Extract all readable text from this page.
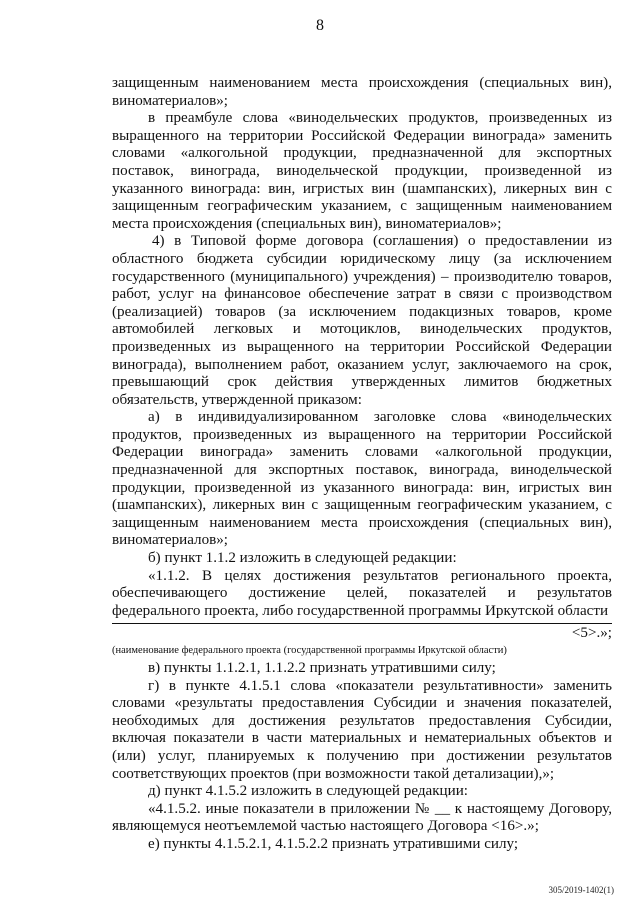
8

защищенным наименованием места происхождения (специальных вин), виноматериалов»;

в преамбуле слова «винодельческих продуктов, произведенных из выращенного на территории Российской Федерации винограда» заменить словами «алкогольной продукции, предназначенной для экспортных поставок, винограда, винодельческой продукции, произведенной из указанного винограда: вин, игристых вин (шампанских), ликерных вин с защищенным географическим указанием, с защищенным наименованием места происхождения (специальных вин), виноматериалов»;

4) в Типовой форме договора (соглашения) о предоставлении из областного бюджета субсидии юридическому лицу (за исключением государственного (муниципального) учреждения) – производителю товаров, работ, услуг на финансовое обеспечение затрат в связи с производством (реализацией) товаров (за исключением подакцизных товаров, кроме автомобилей легковых и мотоциклов, винодельческих продуктов, произведенных из выращенного на территории Российской Федерации винограда), выполнением работ, оказанием услуг, заключаемого на срок, превышающий срок действия утвержденных лимитов бюджетных обязательств, утвержденной приказом:

а) в индивидуализированном заголовке слова «винодельческих продуктов, произведенных из выращенного на территории Российской Федерации винограда» заменить словами «алкогольной продукции, предназначенной для экспортных поставок, винограда, винодельческой продукции, произведенной из указанного винограда: вин, игристых вин (шампанских), ликерных вин с защищенным географическим указанием, с защищенным наименованием места происхождения (специальных вин), виноматериалов»;

б) пункт 1.1.2 изложить в следующей редакции:

«1.1.2. В целях достижения результатов регионального проекта, обеспечивающего достижение целей, показателей и результатов федерального проекта, либо государственной программы Иркутской области

<5>.»;

(наименование федерального проекта (государственной программы Иркутской области)

в) пункты 1.1.2.1, 1.1.2.2 признать утратившими силу;

г) в пункте 4.1.5.1 слова «показатели результативности» заменить словами «результаты предоставления Субсидии и значения показателей, необходимых для достижения результатов предоставления Субсидии, включая показатели в части материальных и нематериальных объектов и (или) услуг, планируемых к получению при достижении результатов соответствующих проектов (при возможности такой детализации),»;

д) пункт 4.1.5.2 изложить в следующей редакции:

«4.1.5.2. иные показатели в приложении № __ к настоящему Договору, являющемуся неотъемлемой частью настоящего Договора <16>.»;

е) пункты 4.1.5.2.1, 4.1.5.2.2 признать утратившими силу;

305/2019-1402(1)
